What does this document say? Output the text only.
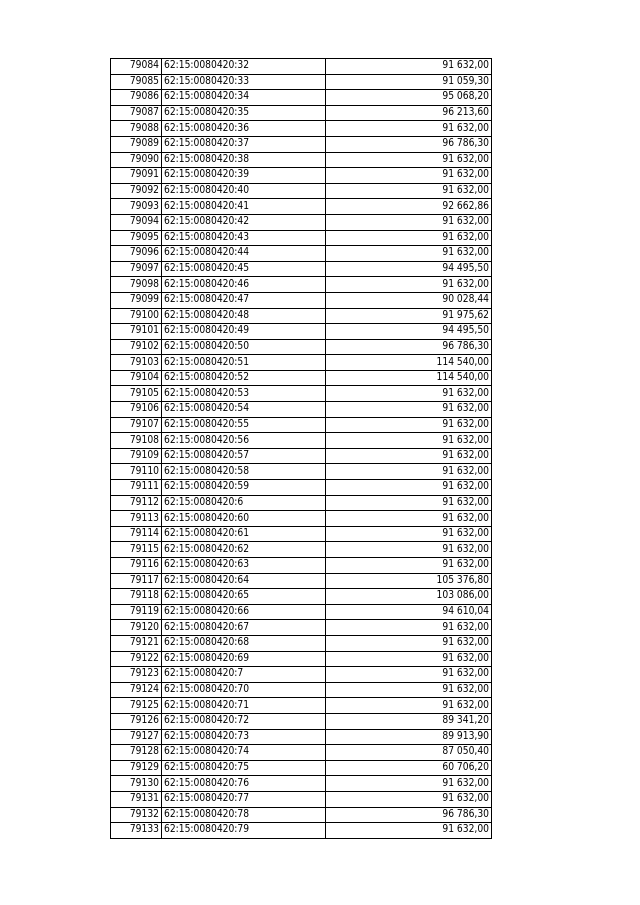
79084	62:15:0080420:32	91 632,00
79085	62:15:0080420:33	91 059,30
79086	62:15:0080420:34	95 068,20
79087	62:15:0080420:35	96 213,60
79088	62:15:0080420:36	91 632,00
79089	62:15:0080420:37	96 786,30
79090	62:15:0080420:38	91 632,00
79091	62:15:0080420:39	91 632,00
79092	62:15:0080420:40	91 632,00
79093	62:15:0080420:41	92 662,86
79094	62:15:0080420:42	91 632,00
79095	62:15:0080420:43	91 632,00
79096	62:15:0080420:44	91 632,00
79097	62:15:0080420:45	94 495,50
79098	62:15:0080420:46	91 632,00
79099	62:15:0080420:47	90 028,44
79100	62:15:0080420:48	91 975,62
79101	62:15:0080420:49	94 495,50
79102	62:15:0080420:50	96 786,30
79103	62:15:0080420:51	114 540,00
79104	62:15:0080420:52	114 540,00
79105	62:15:0080420:53	91 632,00
79106	62:15:0080420:54	91 632,00
79107	62:15:0080420:55	91 632,00
79108	62:15:0080420:56	91 632,00
79109	62:15:0080420:57	91 632,00
79110	62:15:0080420:58	91 632,00
79111	62:15:0080420:59	91 632,00
79112	62:15:0080420:6	91 632,00
79113	62:15:0080420:60	91 632,00
79114	62:15:0080420:61	91 632,00
79115	62:15:0080420:62	91 632,00
79116	62:15:0080420:63	91 632,00
79117	62:15:0080420:64	105 376,80
79118	62:15:0080420:65	103 086,00
79119	62:15:0080420:66	94 610,04
79120	62:15:0080420:67	91 632,00
79121	62:15:0080420:68	91 632,00
79122	62:15:0080420:69	91 632,00
79123	62:15:0080420:7	91 632,00
79124	62:15:0080420:70	91 632,00
79125	62:15:0080420:71	91 632,00
79126	62:15:0080420:72	89 341,20
79127	62:15:0080420:73	89 913,90
79128	62:15:0080420:74	87 050,40
79129	62:15:0080420:75	60 706,20
79130	62:15:0080420:76	91 632,00
79131	62:15:0080420:77	91 632,00
79132	62:15:0080420:78	96 786,30
79133	62:15:0080420:79	91 632,00
